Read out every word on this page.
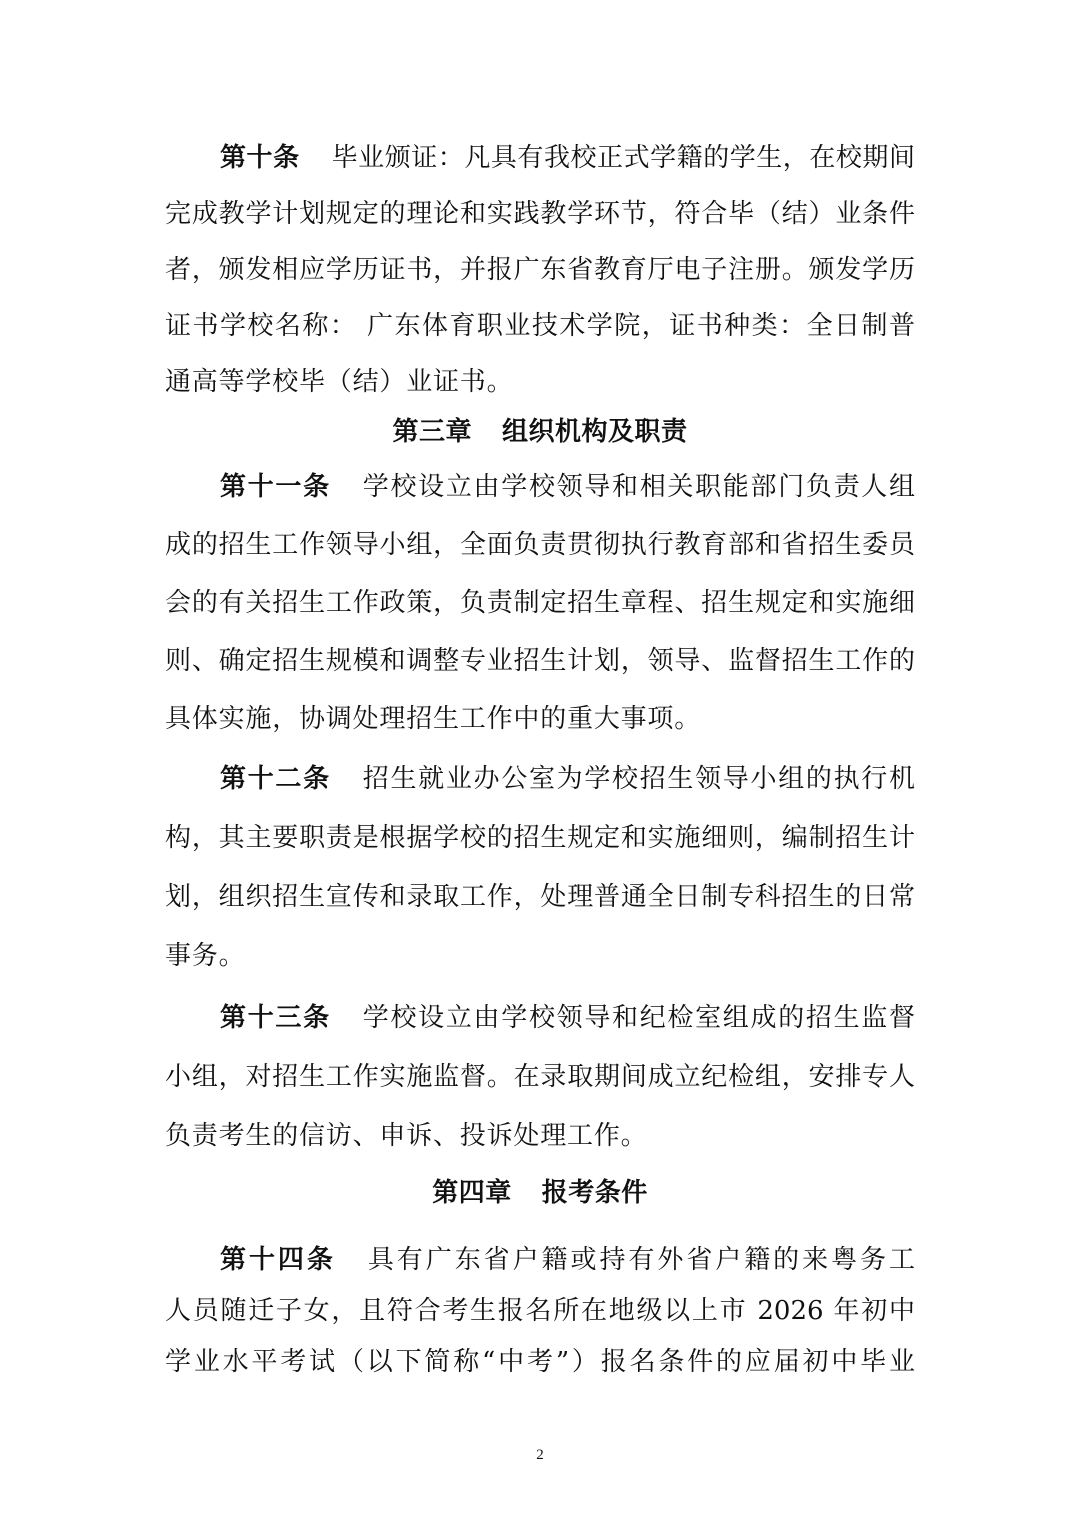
第十条 毕业颁证：凡具有我校正式学籍的学生，在校期间
完成教学计划规定的理论和实践教学环节，符合毕（结）业条件
者，颁发相应学历证书，并报广东省教育厅电子注册。颁发学历
证书学校名称： 广东体育职业技术学院，证书种类：全日制普
通高等学校毕（结）业证书。
第三章 组织机构及职责
第十一条 学校设立由学校领导和相关职能部门负责人组
成的招生工作领导小组，全面负责贯彻执行教育部和省招生委员
会的有关招生工作政策，负责制定招生章程、招生规定和实施细
则、确定招生规模和调整专业招生计划，领导、监督招生工作的
具体实施，协调处理招生工作中的重大事项。
第十二条 招生就业办公室为学校招生领导小组的执行机
构，其主要职责是根据学校的招生规定和实施细则，编制招生计
划，组织招生宣传和录取工作，处理普通全日制专科招生的日常
事务。
第十三条 学校设立由学校领导和纪检室组成的招生监督
小组，对招生工作实施监督。在录取期间成立纪检组，安排专人
负责考生的信访、申诉、投诉处理工作。
第四章 报考条件
第十四条 具有广东省户籍或持有外省户籍的来粤务工
人员随迁子女，且符合考生报名所在地级以上市 2026 年初中
学业水平考试（以下简称“中考”）报名条件的应届初中毕业
2
